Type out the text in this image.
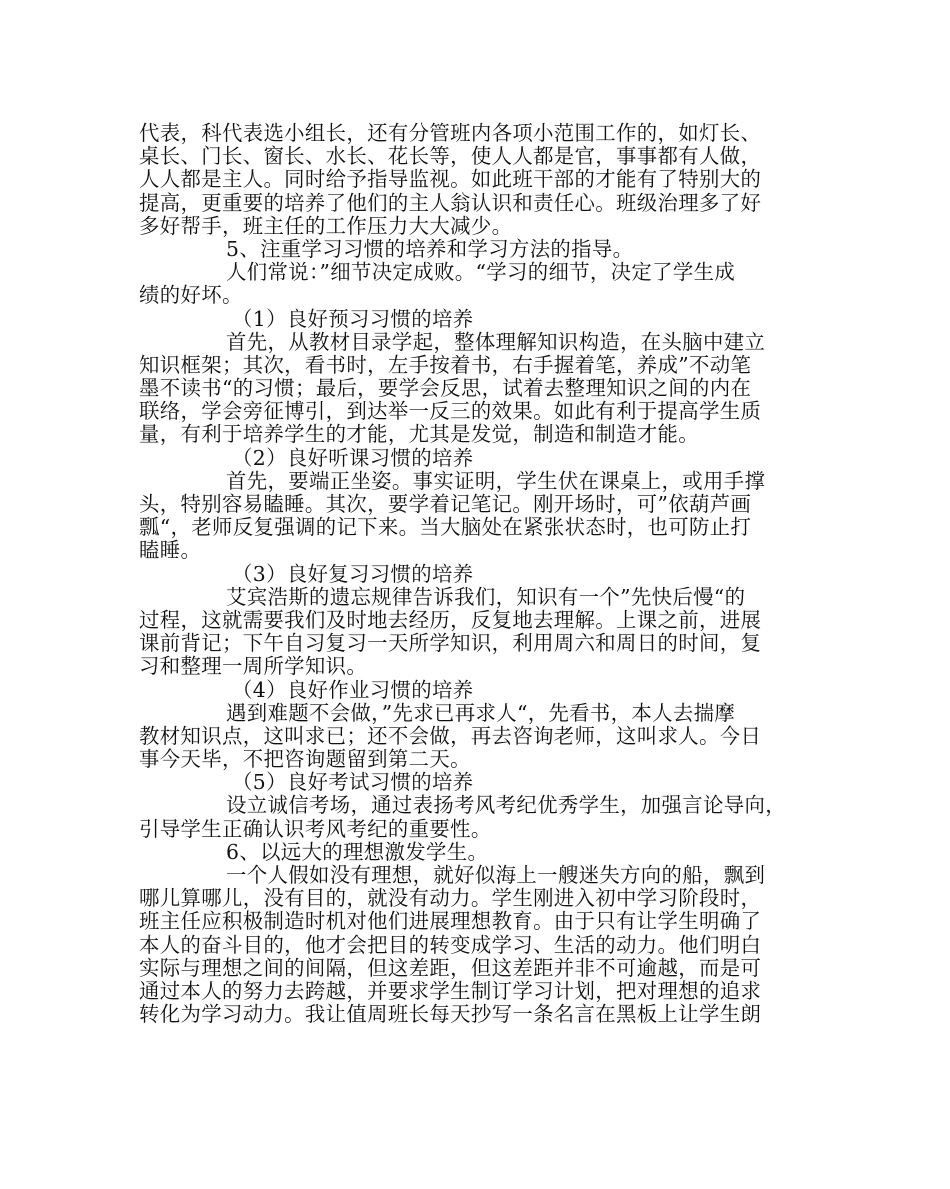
代表，科代表选小组长，还有分管班内各项小范围工作的，如灯长、
桌长、门长、窗长、水长、花长等，使人人都是官，事事都有人做，
人人都是主人。同时给予指导监视。如此班干部的才能有了特别大的
提高，更重要的培养了他们的主人翁认识和责任心。班级治理多了好
多好帮手，班主任的工作压力大大减少。
5、注重学习习惯的培养和学习方法的指导。
人们常说：”细节决定成败。“学习的细节，决定了学生成
绩的好坏。
（1）良好预习习惯的培养
首先，从教材目录学起，整体理解知识构造，在头脑中建立
知识框架；其次，看书时，左手按着书，右手握着笔，养成”不动笔
墨不读书“的习惯；最后，要学会反思，试着去整理知识之间的内在
联络，学会旁征博引，到达举一反三的效果。如此有利于提高学生质
量，有利于培养学生的才能，尤其是发觉，制造和制造才能。
（2）良好听课习惯的培养
首先，要端正坐姿。事实证明，学生伏在课桌上，或用手撑
头，特别容易瞌睡。其次，要学着记笔记。刚开场时，可”依葫芦画
瓢“，老师反复强调的记下来。当大脑处在紧张状态时，也可防止打
瞌睡。
（3）良好复习习惯的培养
艾宾浩斯的遗忘规律告诉我们，知识有一个”先快后慢“的
过程，这就需要我们及时地去经历，反复地去理解。上课之前，进展
课前背记；下午自习复习一天所学知识，利用周六和周日的时间，复
习和整理一周所学知识。
（4）良好作业习惯的培养
遇到难题不会做，”先求已再求人“，先看书，本人去揣摩
教材知识点，这叫求已；还不会做，再去咨询老师，这叫求人。今日
事今天毕，不把咨询题留到第二天。
（5）良好考试习惯的培养
设立诚信考场，通过表扬考风考纪优秀学生，加强言论导向，
引导学生正确认识考风考纪的重要性。
6、以远大的理想激发学生。
一个人假如没有理想，就好似海上一艘迷失方向的船，飘到
哪儿算哪儿，没有目的，就没有动力。学生刚进入初中学习阶段时，
班主任应积极制造时机对他们进展理想教育。由于只有让学生明确了
本人的奋斗目的，他才会把目的转变成学习、生活的动力。他们明白
实际与理想之间的间隔，但这差距，但这差距并非不可逾越，而是可
通过本人的努力去跨越，并要求学生制订学习计划，把对理想的追求
转化为学习动力。我让值周班长每天抄写一条名言在黑板上让学生朗
